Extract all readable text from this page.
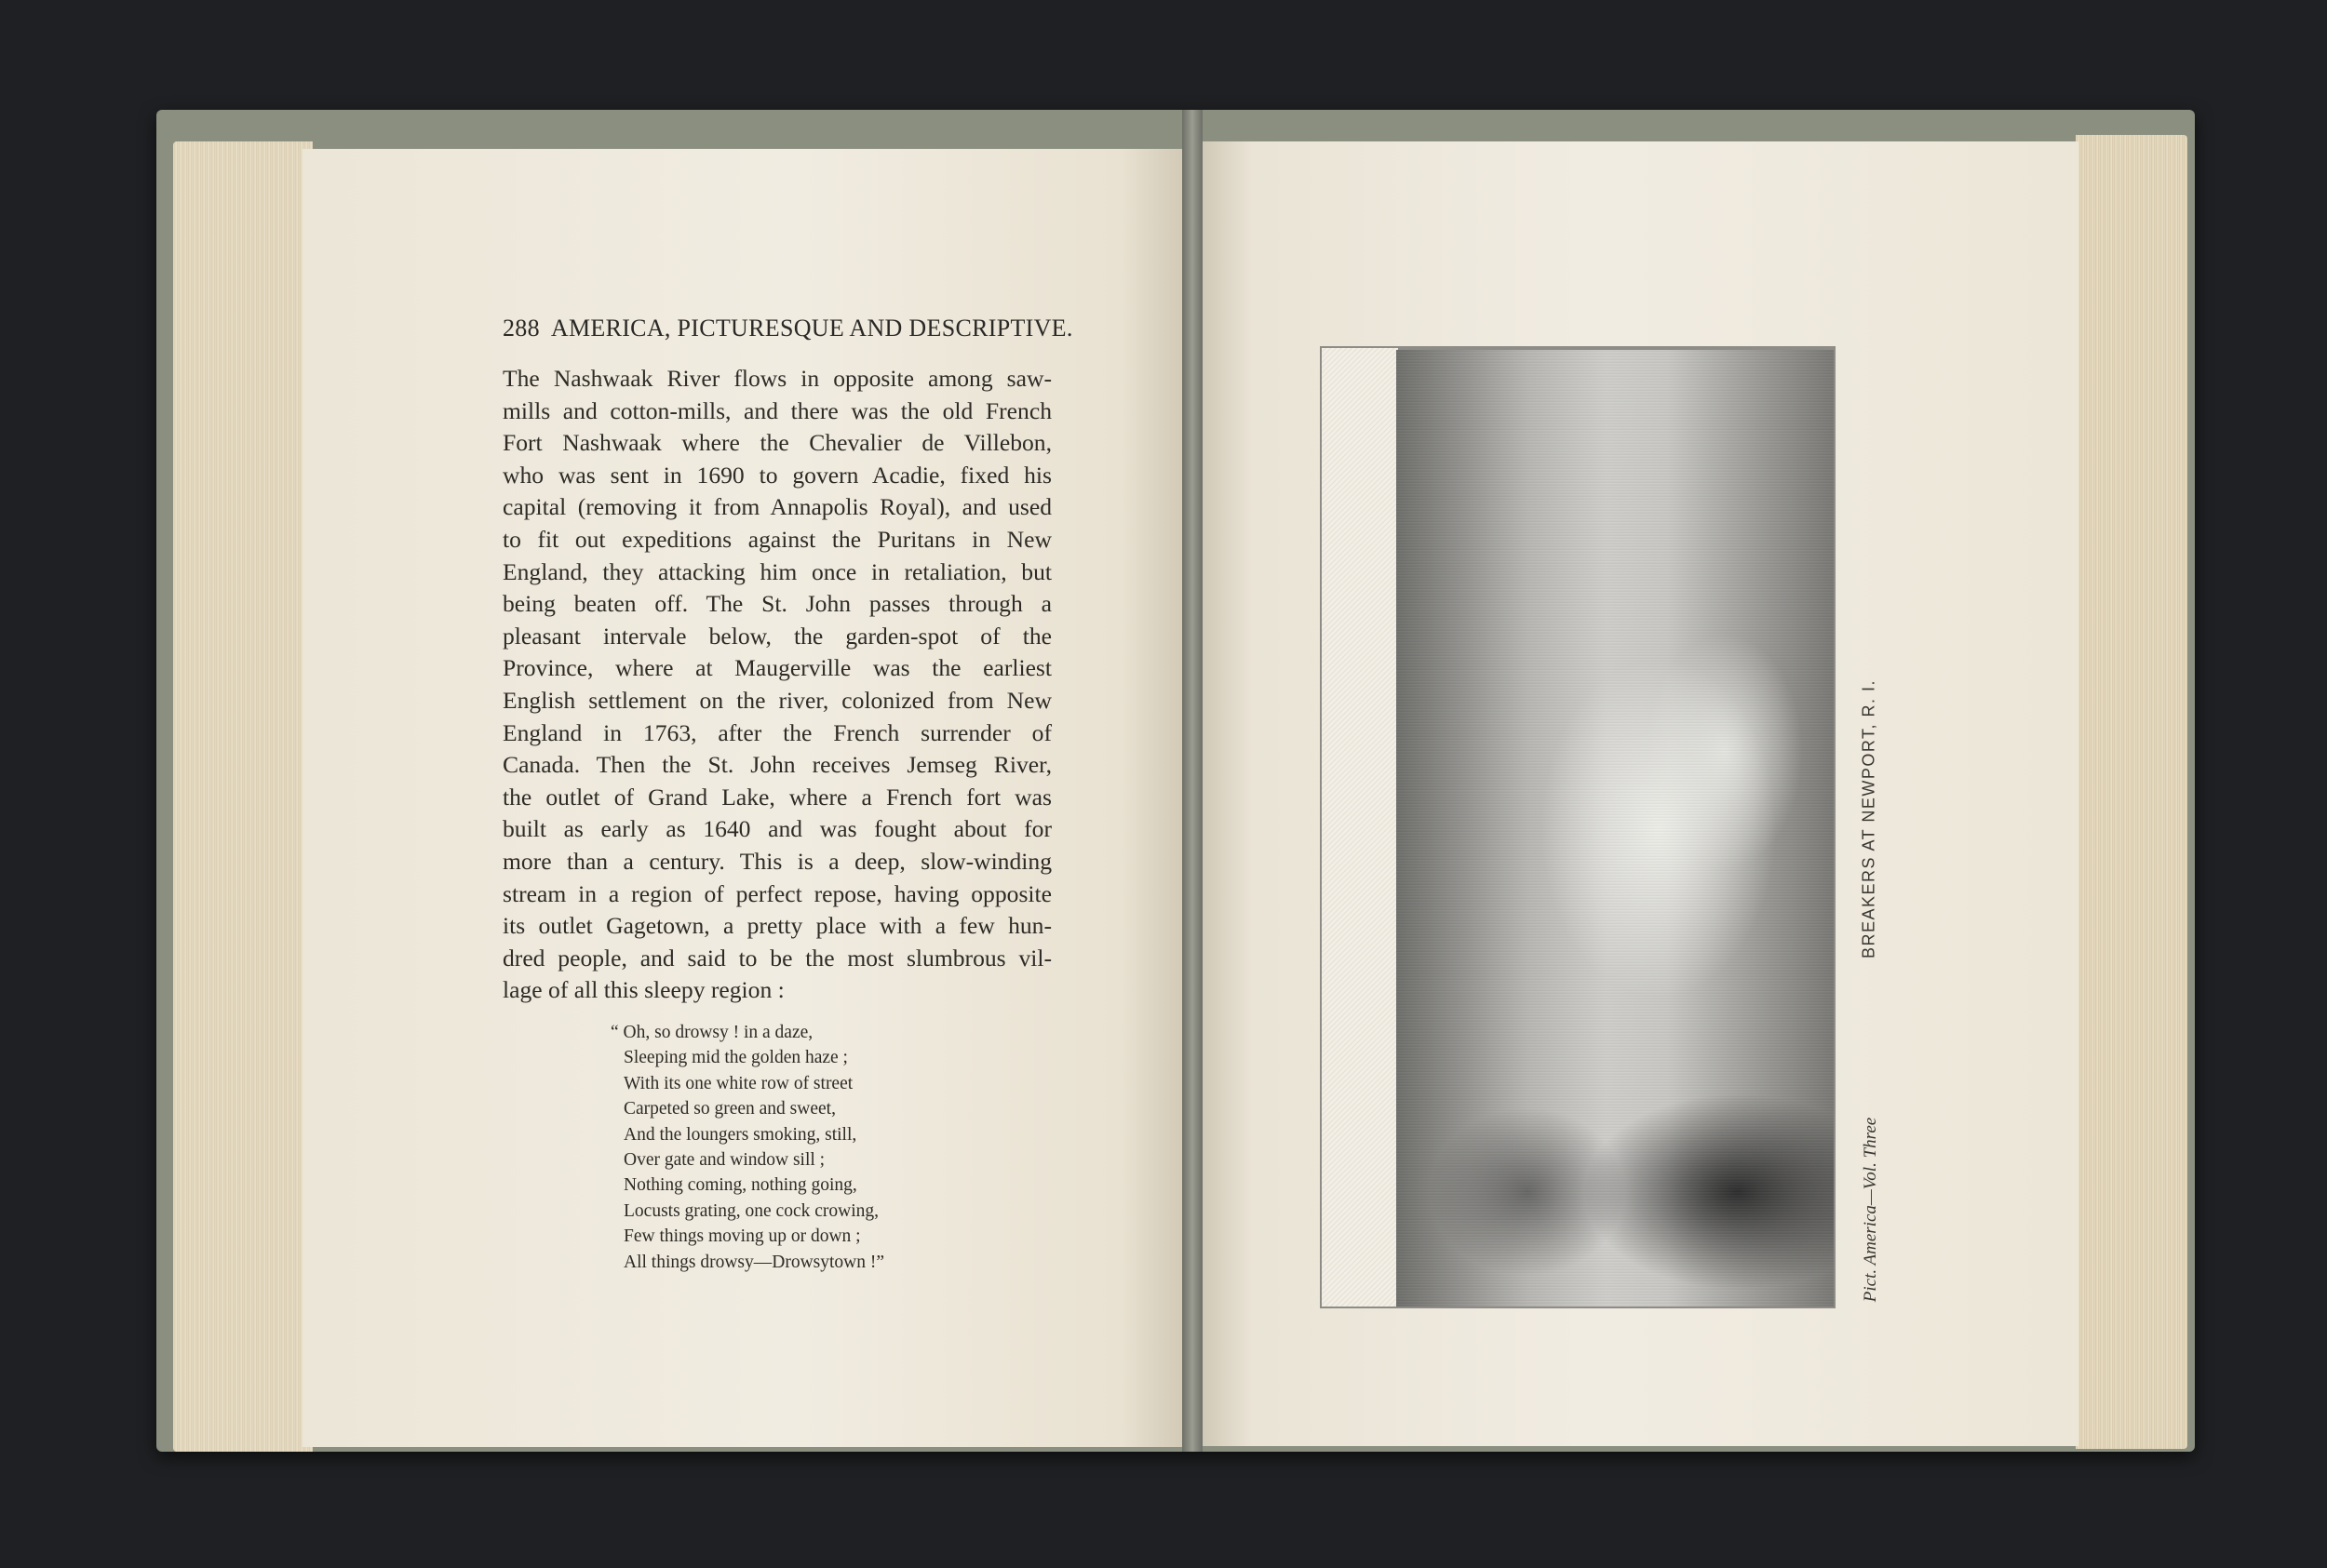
288 AMERICA, PICTURESQUE AND DESCRIPTIVE.
The Nashwaak River flows in opposite among saw-
mills and cotton-mills, and there was the old French
Fort Nashwaak where the Chevalier de Villebon,
who was sent in 1690 to govern Acadie, fixed his
capital (removing it from Annapolis Royal), and used
to fit out expeditions against the Puritans in New
England, they attacking him once in retaliation, but
being beaten off. The St. John passes through a
pleasant intervale below, the garden-spot of the
Province, where at Maugerville was the earliest
English settlement on the river, colonized from New
England in 1763, after the French surrender of
Canada. Then the St. John receives Jemseg River,
the outlet of Grand Lake, where a French fort was
built as early as 1640 and was fought about for
more than a century. This is a deep, slow-winding
stream in a region of perfect repose, having opposite
its outlet Gagetown, a pretty place with a few hun-
dred people, and said to be the most slumbrous vil-
lage of all this sleepy region :
“ Oh, so drowsy ! in a daze,
Sleeping mid the golden haze ;
With its one white row of street
Carpeted so green and sweet,
And the loungers smoking, still,
Over gate and window sill ;
Nothing coming, nothing going,
Locusts grating, one cock crowing,
Few things moving up or down ;
All things drowsy—Drowsytown !”
BREAKERS AT NEWPORT, R. I.
Pict. America—Vol. Three
